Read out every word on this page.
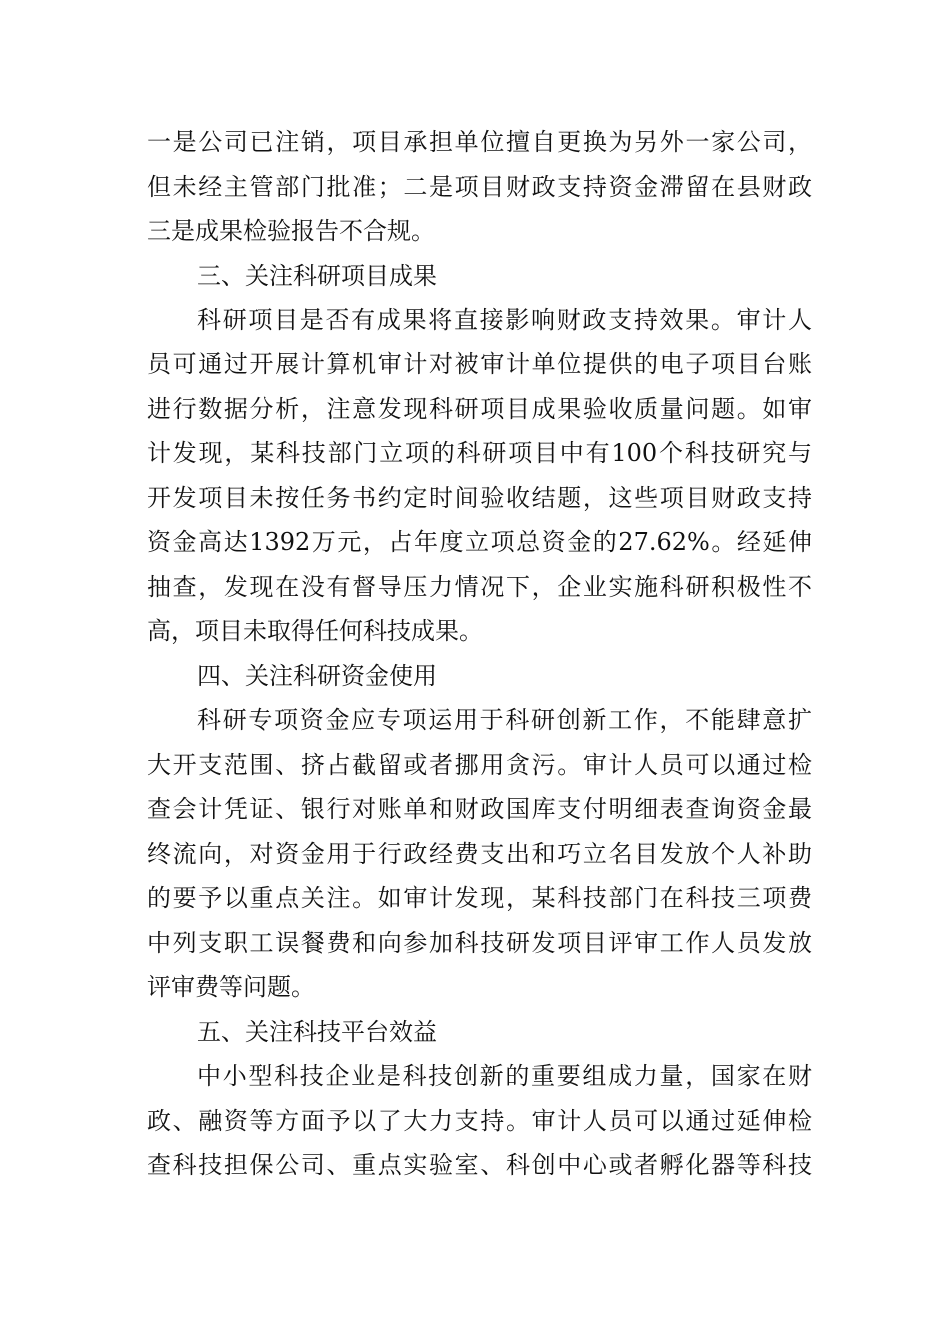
一是公司已注销，项目承担单位擅自更换为另外一家公司，
但未经主管部门批准；二是项目财政支持资金滞留在县财政
三是成果检验报告不合规。
三、关注科研项目成果
科研项目是否有成果将直接影响财政支持效果。审计人
员可通过开展计算机审计对被审计单位提供的电子项目台账
进行数据分析，注意发现科研项目成果验收质量问题。如审
计发现，某科技部门立项的科研项目中有100个科技研究与
开发项目未按任务书约定时间验收结题，这些项目财政支持
资金高达1392万元，占年度立项总资金的27.62%。经延伸
抽查，发现在没有督导压力情况下，企业实施科研积极性不
高，项目未取得任何科技成果。
四、关注科研资金使用
科研专项资金应专项运用于科研创新工作，不能肆意扩
大开支范围、挤占截留或者挪用贪污。审计人员可以通过检
查会计凭证、银行对账单和财政国库支付明细表查询资金最
终流向，对资金用于行政经费支出和巧立名目发放个人补助
的要予以重点关注。如审计发现，某科技部门在科技三项费
中列支职工误餐费和向参加科技研发项目评审工作人员发放
评审费等问题。
五、关注科技平台效益
中小型科技企业是科技创新的重要组成力量，国家在财
政、融资等方面予以了大力支持。审计人员可以通过延伸检
查科技担保公司、重点实验室、科创中心或者孵化器等科技
